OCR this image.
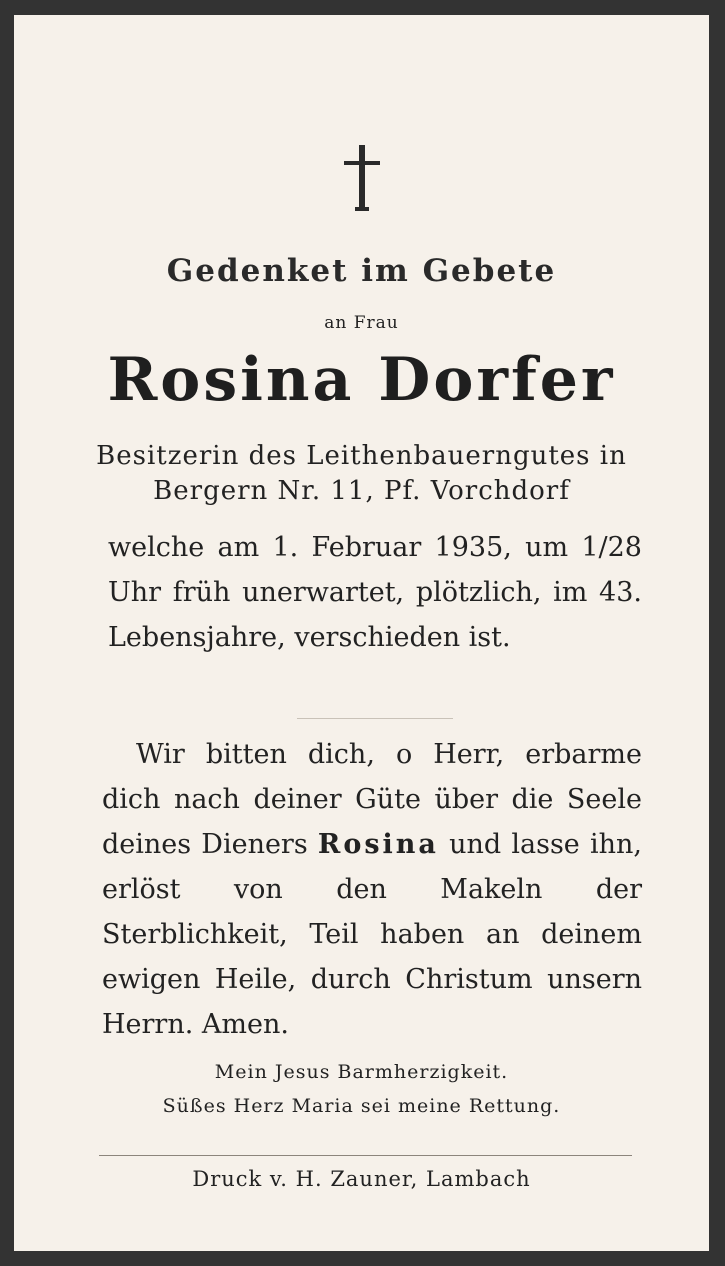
Gedenket im Gebete
an Frau
Rosina Dorfer
Besitzerin des Leithenbauerngutes in
Bergern Nr. 11, Pf. Vorchdorf
welche am 1. Februar 1935, um 1/28 Uhr früh unerwartet, plötzlich, im 43. Lebensjahre, verschieden ist.
Wir bitten dich, o Herr, erbarme dich nach deiner Güte über die Seele deines Dieners Rosina und lasse ihn, erlöst von den Makeln der Sterblichkeit, Teil haben an deinem ewigen Heile, durch Christum unsern Herrn. Amen.
Mein Jesus Barmherzigkeit.
Süßes Herz Maria sei meine Rettung.
Druck v. H. Zauner, Lambach
